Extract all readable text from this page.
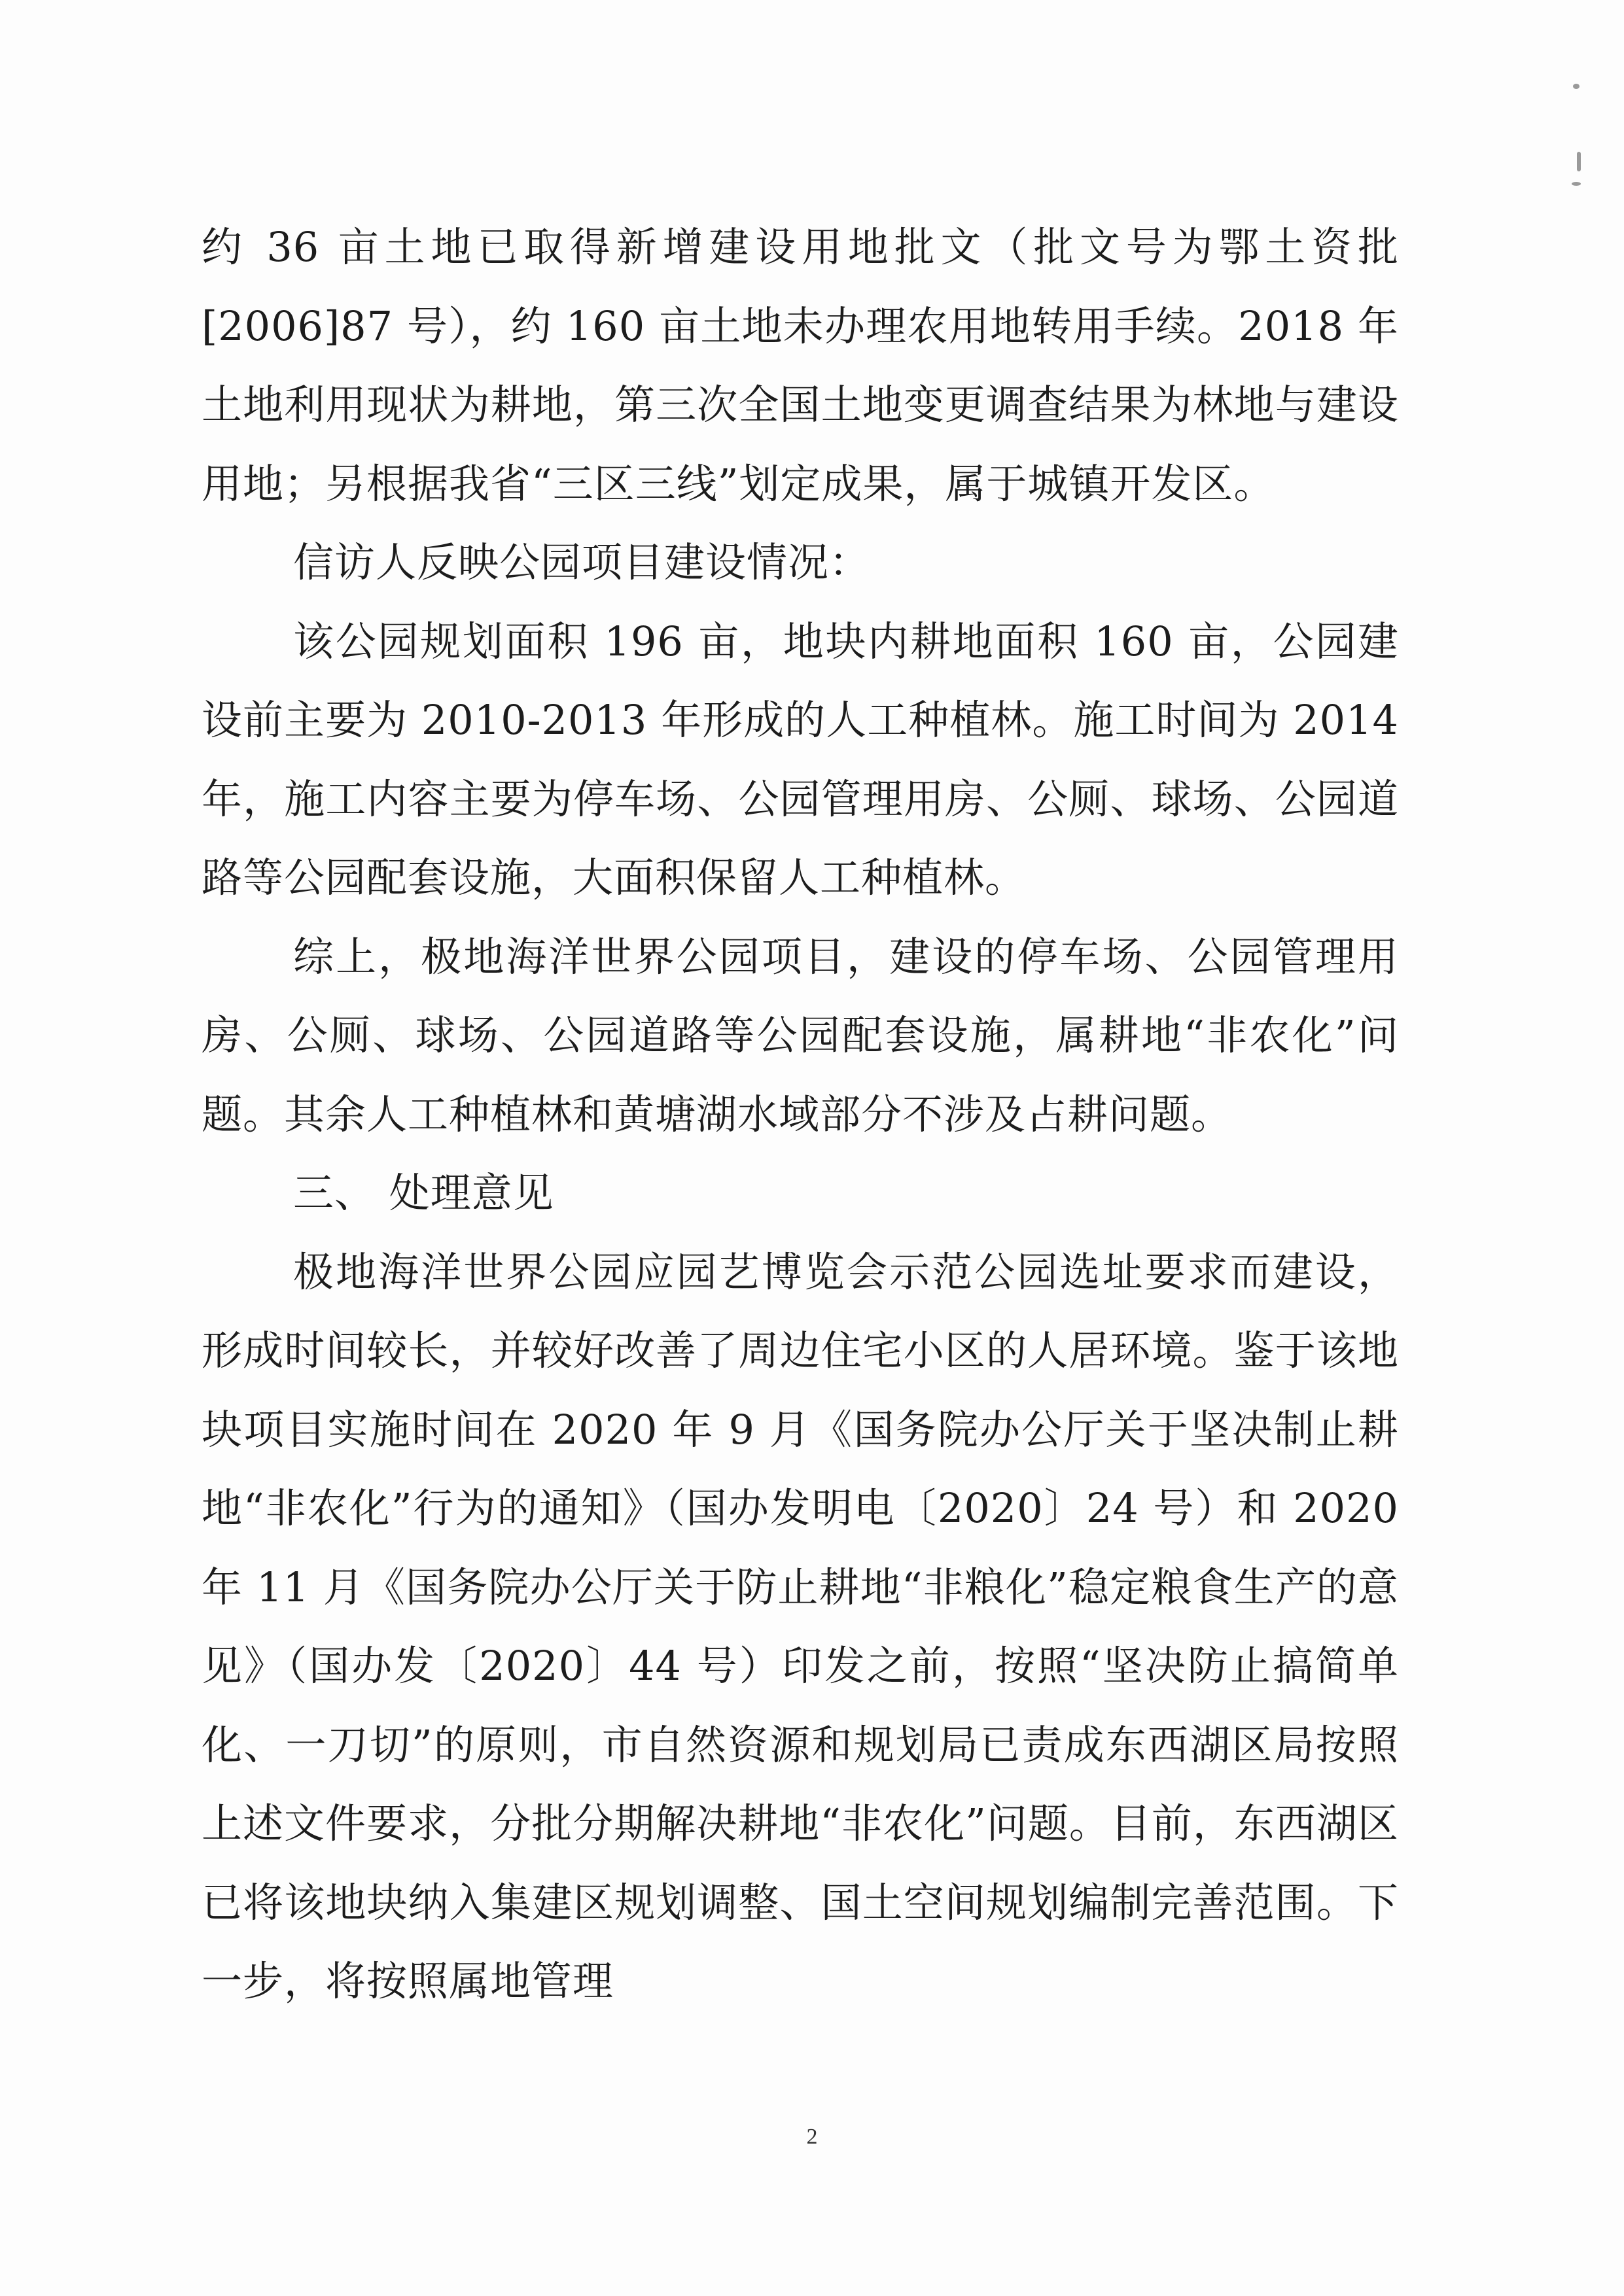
约 36 亩土地已取得新增建设用地批文（批文号为鄂土资批[2006]87 号），约 160 亩土地未办理农用地转用手续。2018 年土地利用现状为耕地，第三次全国土地变更调查结果为林地与建设用地；另根据我省“三区三线”划定成果，属于城镇开发区。

信访人反映公园项目建设情况：

该公园规划面积 196 亩，地块内耕地面积 160 亩，公园建设前主要为 2010-2013 年形成的人工种植林。施工时间为 2014 年，施工内容主要为停车场、公园管理用房、公厕、球场、公园道路等公园配套设施，大面积保留人工种植林。

综上，极地海洋世界公园项目，建设的停车场、公园管理用房、公厕、球场、公园道路等公园配套设施，属耕地“非农化”问题。其余人工种植林和黄塘湖水域部分不涉及占耕问题。

三、 处理意见

极地海洋世界公园应园艺博览会示范公园选址要求而建设，形成时间较长，并较好改善了周边住宅小区的人居环境。鉴于该地块项目实施时间在 2020 年 9 月《国务院办公厅关于坚决制止耕地“非农化”行为的通知》（国办发明电〔2020〕24 号）和 2020 年 11 月《国务院办公厅关于防止耕地“非粮化”稳定粮食生产的意见》（国办发〔2020〕44 号）印发之前，按照“坚决防止搞简单化、一刀切”的原则，市自然资源和规划局已责成东西湖区局按照上述文件要求，分批分期解决耕地“非农化”问题。目前，东西湖区已将该地块纳入集建区规划调整、国土空间规划编制完善范围。下一步，将按照属地管理

2
